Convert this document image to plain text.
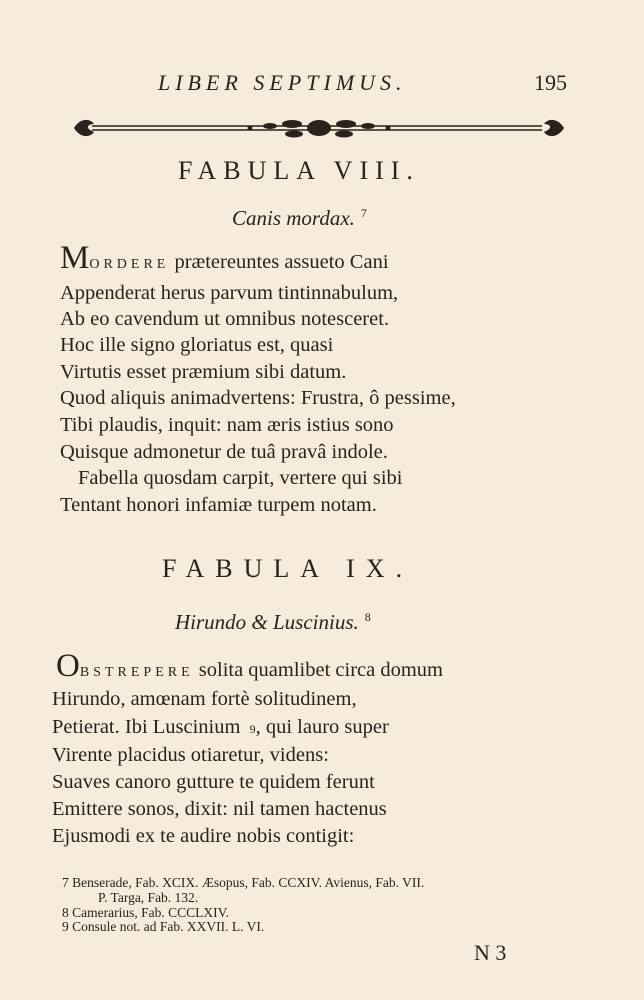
LIBER SEPTIMUS.	195
FABULA VIII.
Canis mordax. $^7$
MORDERE prætereuntes assueto Cani
Appenderat herus parvum tintinnabulum,
Ab eo cavendum ut omnibus notesceret.
Hoc ille signo gloriatus est, quasi
Virtutis esset præmium sibi datum.
Quod aliquis animadvertens: Frustra, ô pessime,
Tibi plaudis, inquit: nam æris istius sono
Quisque admonetur de tuâ pravâ indole.
Fabella quosdam carpit, vertere qui sibi
Tentant honori infamiæ turpem notam.
FABULA IX.
Hirundo & Luscinius. $^8$
OBSTREPERE solita quamlibet circa domum
Hirundo, amœnam fortè solitudinem,
Petierat. Ibi Luscinium 9, qui lauro super
Virente placidus otiaretur, videns:
Suaves canoro gutture te quidem ferunt
Emittere sonos, dixit: nil tamen hactenus
Ejusmodi ex te audire nobis contigit:
7 Benserade, Fab. XCIX. Æsopus, Fab. CCXIV. Avienus, Fab. VII.
P. Targa, Fab. 132.
8 Camerarius, Fab. CCCLXIV.
9 Consule not. ad Fab. XXVII. L. VI.
N 3
